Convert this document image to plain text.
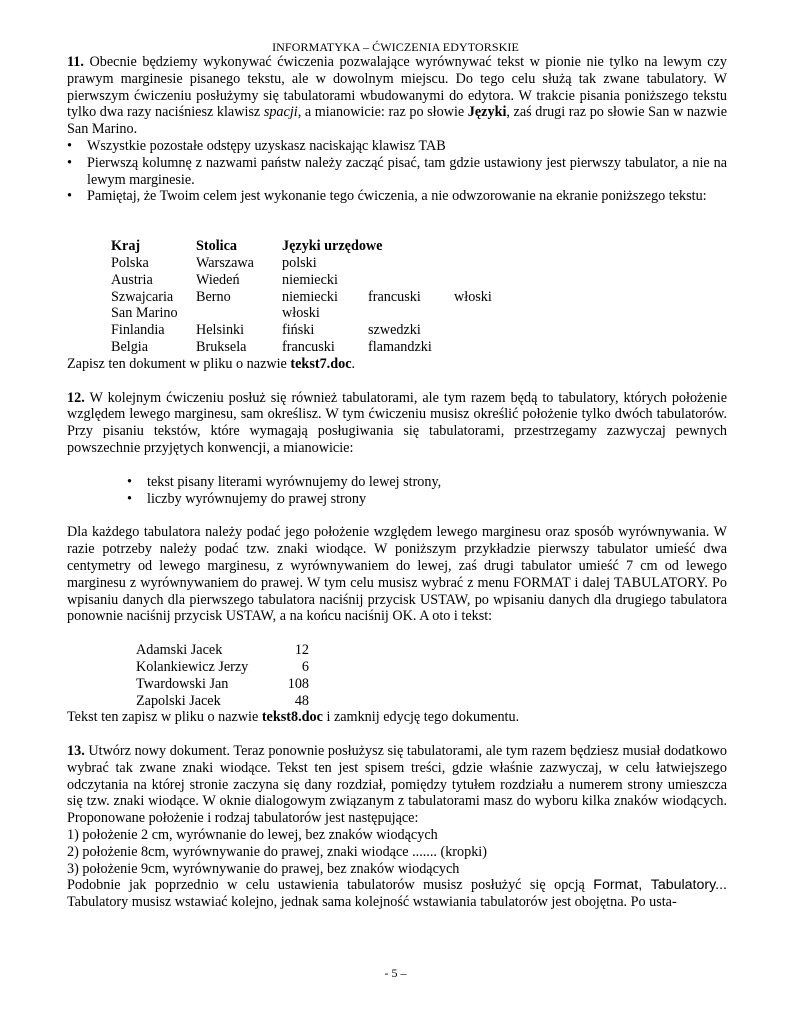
INFORMATYKA – ĆWICZENIA EDYTORSKIE

11. Obecnie będziemy wykonywać ćwiczenia pozwalające wyrównywać tekst w pionie nie tylko na lewym czy prawym marginesie pisanego tekstu, ale w dowolnym miejscu. Do tego celu służą tak zwane tabulatory. W pierwszym ćwiczeniu posłużymy się tabulatorami wbudowanymi do edytora. W trakcie pisania poniższego tekstu tylko dwa razy naciśniesz klawisz spacji, a mianowicie: raz po słowie Języki, zaś drugi raz po słowie San w nazwie San Marino.

• Wszystkie pozostałe odstępy uzyskasz naciskając klawisz TAB
• Pierwszą kolumnę z nazwami państw należy zacząć pisać, tam gdzie ustawiony jest pierwszy tabulator, a nie na lewym marginesie.
• Pamiętaj, że Twoim celem jest wykonanie tego ćwiczenia, a nie odwzorowanie na ekranie poniższego tekstu:
Kraj	Stolica	Języki urzędowe		
Polska	Warszawa	polski		
Austria	Wiedeń	niemiecki		
Szwajcaria	Berno	niemiecki	francuski	włoski
San Marino		włoski		
Finlandia	Helsinki	fiński	szwedzki	
Belgia	Bruksela	francuski	flamandzki	

Zapisz ten dokument w pliku o nazwie tekst7.doc.

12. W kolejnym ćwiczeniu posłuż się również tabulatorami, ale tym razem będą to tabulatory, których położenie względem lewego marginesu, sam określisz. W tym ćwiczeniu musisz określić położenie tylko dwóch tabulatorów. Przy pisaniu tekstów, które wymagają posługiwania się tabulatorami, przestrzegamy zazwyczaj pewnych powszechnie przyjętych konwencji, a mianowicie:

• tekst pisany literami wyrównujemy do lewej strony,
• liczby wyrównujemy do prawej strony

Dla każdego tabulatora należy podać jego położenie względem lewego marginesu oraz sposób wyrównywania. W razie potrzeby należy podać tzw. znaki wiodące. W poniższym przykładzie pierwszy tabulator umieść dwa centymetry od lewego marginesu, z wyrównywaniem do lewej, zaś drugi tabulator umieść 7 cm od lewego marginesu z wyrównywaniem do prawej. W tym celu musisz wybrać z menu FORMAT i dalej TABULATORY. Po wpisaniu danych dla pierwszego tabulatora naciśnij przycisk USTAW, po wpisaniu danych dla drugiego tabulatora ponownie naciśnij przycisk USTAW, a na końcu naciśnij OK. A oto i tekst:

Adamski Jacek	12
Kolankiewicz Jerzy	6
Twardowski Jan	108
Zapolski Jacek	48

Tekst ten zapisz w pliku o nazwie tekst8.doc i zamknij edycję tego dokumentu.

13. Utwórz nowy dokument. Teraz ponownie posłużysz się tabulatorami, ale tym razem będziesz musiał dodatkowo wybrać tak zwane znaki wiodące. Tekst ten jest spisem treści, gdzie właśnie zazwyczaj, w celu łatwiejszego odczytania na której stronie zaczyna się dany rozdział, pomiędzy tytułem rozdziału a numerem strony umieszcza się tzw. znaki wiodące. W oknie dialogowym związanym z tabulatorami masz do wyboru kilka znaków wiodących. Proponowane położenie i rodzaj tabulatorów jest następujące:

1) położenie 2 cm, wyrównanie do lewej, bez znaków wiodących

2) położenie 8cm, wyrównywanie do prawej, znaki wiodące ....... (kropki)

3) położenie 9cm, wyrównywanie do prawej, bez znaków wiodących

Podobnie jak poprzednio w celu ustawienia tabulatorów musisz posłużyć się opcją Format, Tabulatory... Tabulatory musisz wstawiać kolejno, jednak sama kolejność wstawiania tabulatorów jest obojętna. Po usta-

- 5 –
